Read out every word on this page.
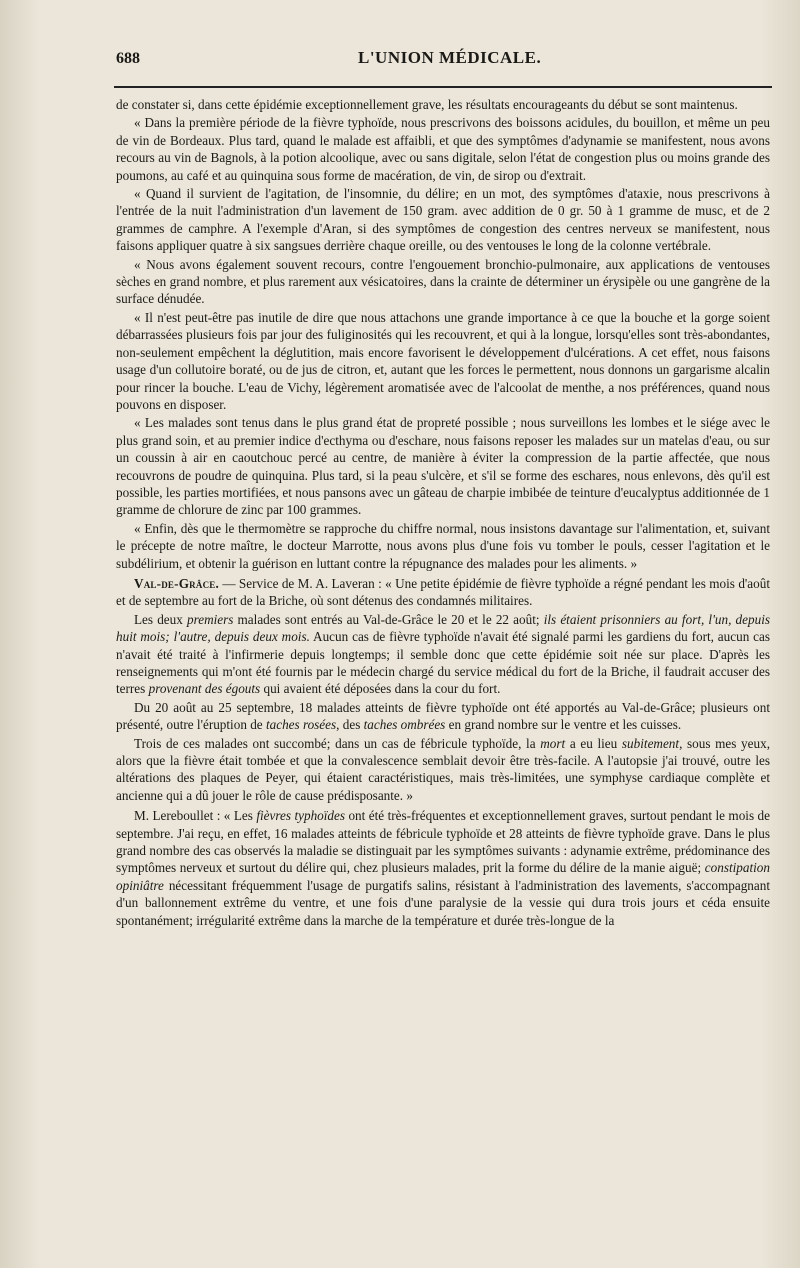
688	L'UNION MÉDICALE.

de constater si, dans cette épidémie exceptionnellement grave, les résultats encourageants du début se sont maintenus.

« Dans la première période de la fièvre typhoïde, nous prescrivons des boissons acidules, du bouillon, et même un peu de vin de Bordeaux. Plus tard, quand le malade est affaibli, et que des symptômes d'adynamie se manifestent, nous avons recours au vin de Bagnols, à la potion alcoolique, avec ou sans digitale, selon l'état de congestion plus ou moins grande des poumons, au café et au quinquina sous forme de macération, de vin, de sirop ou d'extrait.

« Quand il survient de l'agitation, de l'insomnie, du délire; en un mot, des symptômes d'ataxie, nous prescrivons à l'entrée de la nuit l'administration d'un lavement de 150 gram. avec addition de 0 gr. 50 à 1 gramme de musc, et de 2 grammes de camphre. A l'exemple d'Aran, si des symptômes de congestion des centres nerveux se manifestent, nous faisons appliquer quatre à six sangsues derrière chaque oreille, ou des ventouses le long de la colonne vertébrale.

« Nous avons également souvent recours, contre l'engouement bronchio-pulmonaire, aux applications de ventouses sèches en grand nombre, et plus rarement aux vésicatoires, dans la crainte de déterminer un érysipèle ou une gangrène de la surface dénudée.

« Il n'est peut-être pas inutile de dire que nous attachons une grande importance à ce que la bouche et la gorge soient débarrassées plusieurs fois par jour des fuliginosités qui les recouvrent, et qui à la longue, lorsqu'elles sont très-abondantes, non-seulement empêchent la déglutition, mais encore favorisent le développement d'ulcérations. A cet effet, nous faisons usage d'un collutoire boraté, ou de jus de citron, et, autant que les forces le permettent, nous donnons un gargarisme alcalin pour rincer la bouche. L'eau de Vichy, légèrement aromatisée avec de l'alcoolat de menthe, a nos préférences, quand nous pouvons en disposer.

« Les malades sont tenus dans le plus grand état de propreté possible ; nous surveillons les lombes et le siége avec le plus grand soin, et au premier indice d'ecthyma ou d'eschare, nous faisons reposer les malades sur un matelas d'eau, ou sur un coussin à air en caoutchouc percé au centre, de manière à éviter la compression de la partie affectée, que nous recouvrons de poudre de quinquina. Plus tard, si la peau s'ulcère, et s'il se forme des eschares, nous enlevons, dès qu'il est possible, les parties mortifiées, et nous pansons avec un gâteau de charpie imbibée de teinture d'eucalyptus additionnée de 1 gramme de chlorure de zinc par 100 grammes.

« Enfin, dès que le thermomètre se rapproche du chiffre normal, nous insistons davantage sur l'alimentation, et, suivant le précepte de notre maître, le docteur Marrotte, nous avons plus d'une fois vu tomber le pouls, cesser l'agitation et le subdélirium, et obtenir la guérison en luttant contre la répugnance des malades pour les aliments. »

Val-de-Grâce. — Service de M. A. Laveran : « Une petite épidémie de fièvre typhoïde a régné pendant les mois d'août et de septembre au fort de la Briche, où sont détenus des condamnés militaires.

Les deux premiers malades sont entrés au Val-de-Grâce le 20 et le 22 août; ils étaient prisonniers au fort, l'un, depuis huit mois; l'autre, depuis deux mois. Aucun cas de fièvre typhoïde n'avait été signalé parmi les gardiens du fort, aucun cas n'avait été traité à l'infirmerie depuis longtemps; il semble donc que cette épidémie soit née sur place. D'après les renseignements qui m'ont été fournis par le médecin chargé du service médical du fort de la Briche, il faudrait accuser des terres provenant des égouts qui avaient été déposées dans la cour du fort.

Du 20 août au 25 septembre, 18 malades atteints de fièvre typhoïde ont été apportés au Val-de-Grâce; plusieurs ont présenté, outre l'éruption de taches rosées, des taches ombrées en grand nombre sur le ventre et les cuisses.

Trois de ces malades ont succombé; dans un cas de fébricule typhoïde, la mort a eu lieu subitement, sous mes yeux, alors que la fièvre était tombée et que la convalescence semblait devoir être très-facile. A l'autopsie j'ai trouvé, outre les altérations des plaques de Peyer, qui étaient caractéristiques, mais très-limitées, une symphyse cardiaque complète et ancienne qui a dû jouer le rôle de cause prédisposante. »

M. Lereboullet : « Les fièvres typhoïdes ont été très-fréquentes et exceptionnellement graves, surtout pendant le mois de septembre. J'ai reçu, en effet, 16 malades atteints de fébricule typhoïde et 28 atteints de fièvre typhoïde grave. Dans le plus grand nombre des cas observés la maladie se distinguait par les symptômes suivants : adynamie extrême, prédominance des symptômes nerveux et surtout du délire qui, chez plusieurs malades, prit la forme du délire de la manie aiguë; constipation opiniâtre nécessitant fréquemment l'usage de purgatifs salins, résistant à l'administration des lavements, s'accompagnant d'un ballonnement extrême du ventre, et une fois d'une paralysie de la vessie qui dura trois jours et céda ensuite spontanément; irrégularité extrême dans la marche de la température et durée très-longue de la
